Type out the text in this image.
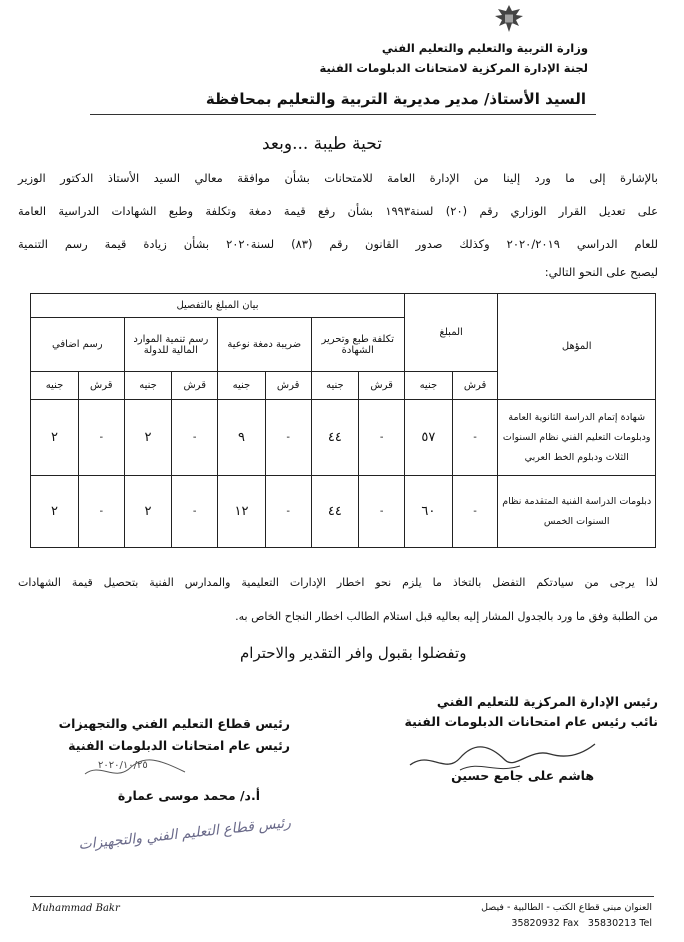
وزارة التربية والتعليم والتعليم الفني
لجنة الإدارة المركزية لامتحانات الدبلومات الفنية
السيد الأستاذ/ مدير مديرية التربية والتعليم بمحافظة
تحية طيبة ...وبعد
بالإشارة إلى ما ورد إلينا من الإدارة العامة للامتحانات بشأن موافقة معالي السيد الأستاذ الدكتور الوزير
على تعديل القرار الوزاري رقم (٢٠) لسنة١٩٩٣ بشأن رفع قيمة دمغة وتكلفة وطبع الشهادات الدراسية العامة
للعام الدراسي ٢٠٢٠/٢٠١٩ وكذلك صدور القانون رقم (٨٣) لسنة٢٠٢٠ بشأن زيادة قيمة رسم التنمية
ليصبح على النحو التالي:
المؤهل	المبلغ		بيان المبلغ بالتفصيل							
			تكلفة طبع وتحرير الشهادة		ضريبة دمغة نوعية		رسم تنمية الموارد المالية للدولة		رسم اضافي	
	قرش	جنيه	قرش	جنيه	قرش	جنيه	قرش	جنيه	قرش	جنيه
شهادة إتمام الدراسة الثانوية العامة ودبلومات التعليم الفني نظام السنوات الثلاث ودبلوم الخط العربي	-	٥٧	-	٤٤	-	٩	-	٢	-	٢
دبلومات الدراسة الفنية المتقدمة نظام السنوات الخمس	-	٦٠	-	٤٤	-	١٢	-	٢	-	٢
لذا يرجى من سيادتكم التفضل بالتخاذ ما يلزم نحو اخطار الإدارات التعليمية والمدارس الفنية بتحصيل قيمة الشهادات
من الطلبة وفق ما ورد بالجدول المشار إليه بعاليه قبل استلام الطالب اخطار النجاح الخاص به.
وتفضلوا بقبول وافر التقدير والاحترام
رئيس الإدارة المركزية للتعليم الفني
نائب رئيس عام امتحانات الدبلومات الفنية
هاشم على جامع حسين
رئيس قطاع التعليم الفني والتجهيزات
رئيس عام امتحانات الدبلومات الفنية
٢٠٢٠/١٠/٢٥
أ.د/ محمد موسى عمارة
رئيس قطاع التعليم الفني والتجهيزات
Muhammad Bakr	العنوان مبنى قطاع الكتب - الطالبية - فيصل
35820932 Fax 35830213 Tel
